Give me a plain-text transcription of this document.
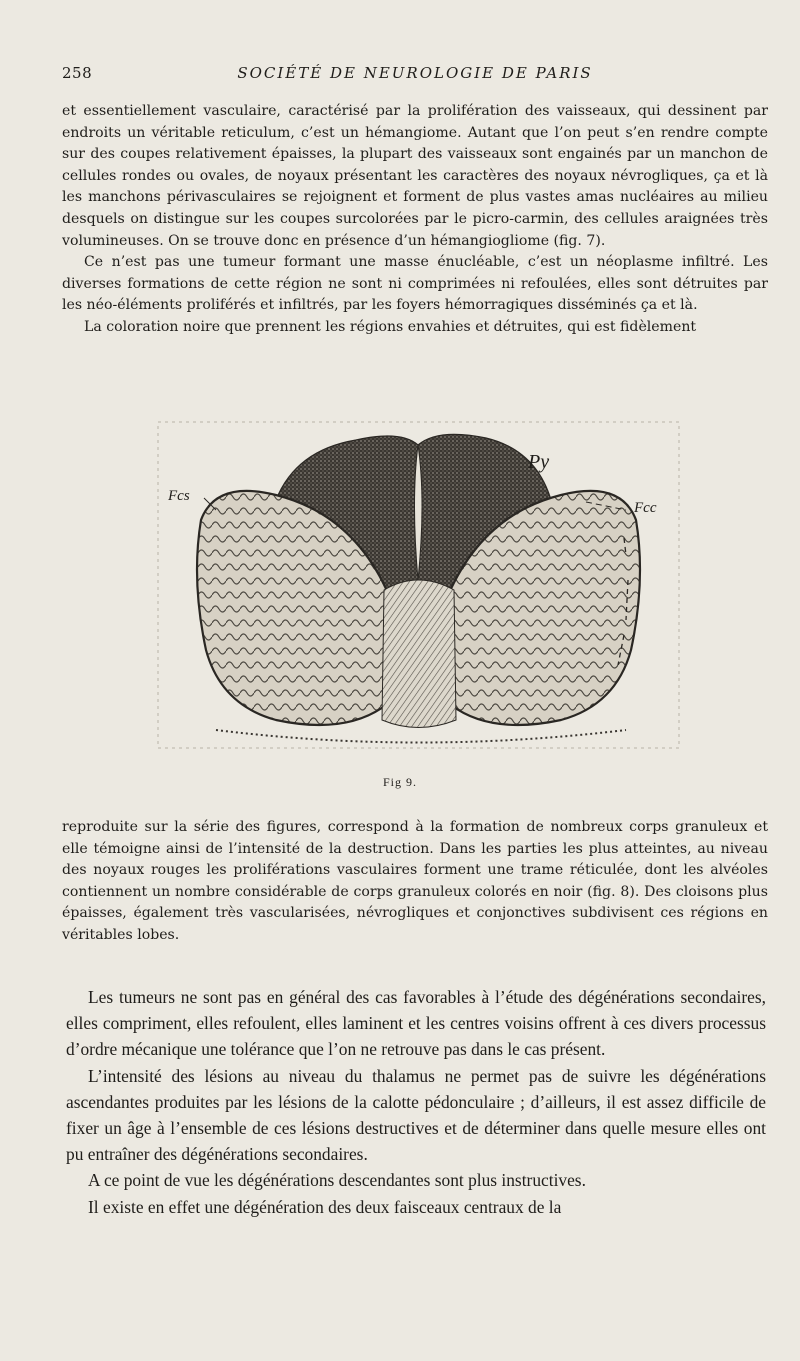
258	SOCIÉTÉ DE NEUROLOGIE DE PARIS

et essentiellement vasculaire, caractérisé par la prolifération des vaisseaux, qui dessinent par endroits un véritable reticulum, c’est un hémangiome. Autant que l’on peut s’en rendre compte sur des coupes relativement épaisses, la plupart des vaisseaux sont engainés par un manchon de cellules rondes ou ovales, de noyaux présentant les caractères des noyaux névrogliques, ça et là les manchons périvasculaires se rejoignent et forment de plus vastes amas nucléaires au milieu desquels on distingue sur les coupes surcolorées par le picro-carmin, des cellules araignées très volumineuses. On se trouve donc en présence d’un hémangiogliome (fig. 7).

Ce n’est pas une tumeur formant une masse énucléable, c’est un néoplasme infiltré. Les diverses formations de cette région ne sont ni comprimées ni refoulées, elles sont détruites par les néo-éléments proliférés et infiltrés, par les foyers hémorragiques disséminés ça et là.

La coloration noire que prennent les régions envahies et détruites, qui est fidèlement

Py
Fcs
Fcc
Fig 9.

reproduite sur la série des figures, correspond à la formation de nombreux corps granuleux et elle témoigne ainsi de l’intensité de la destruction. Dans les parties les plus atteintes, au niveau des noyaux rouges les proliférations vasculaires forment une trame réticulée, dont les alvéoles contiennent un nombre considérable de corps granuleux colorés en noir (fig. 8). Des cloisons plus épaisses, également très vascularisées, névrogliques et conjonctives subdivisent ces régions en véritables lobes.

Les tumeurs ne sont pas en général des cas favorables à l’étude des dégénérations secondaires, elles compriment, elles refoulent, elles laminent et les centres voisins offrent à ces divers processus d’ordre mécanique une tolérance que l’on ne retrouve pas dans le cas présent.

L’intensité des lésions au niveau du thalamus ne permet pas de suivre les dégénérations ascendantes produites par les lésions de la calotte pédonculaire ; d’ailleurs, il est assez difficile de fixer un âge à l’ensemble de ces lésions destructives et de déterminer dans quelle mesure elles ont pu entraîner des dégénérations secondaires.

A ce point de vue les dégénérations descendantes sont plus instructives.

Il existe en effet une dégénération des deux faisceaux centraux de la
